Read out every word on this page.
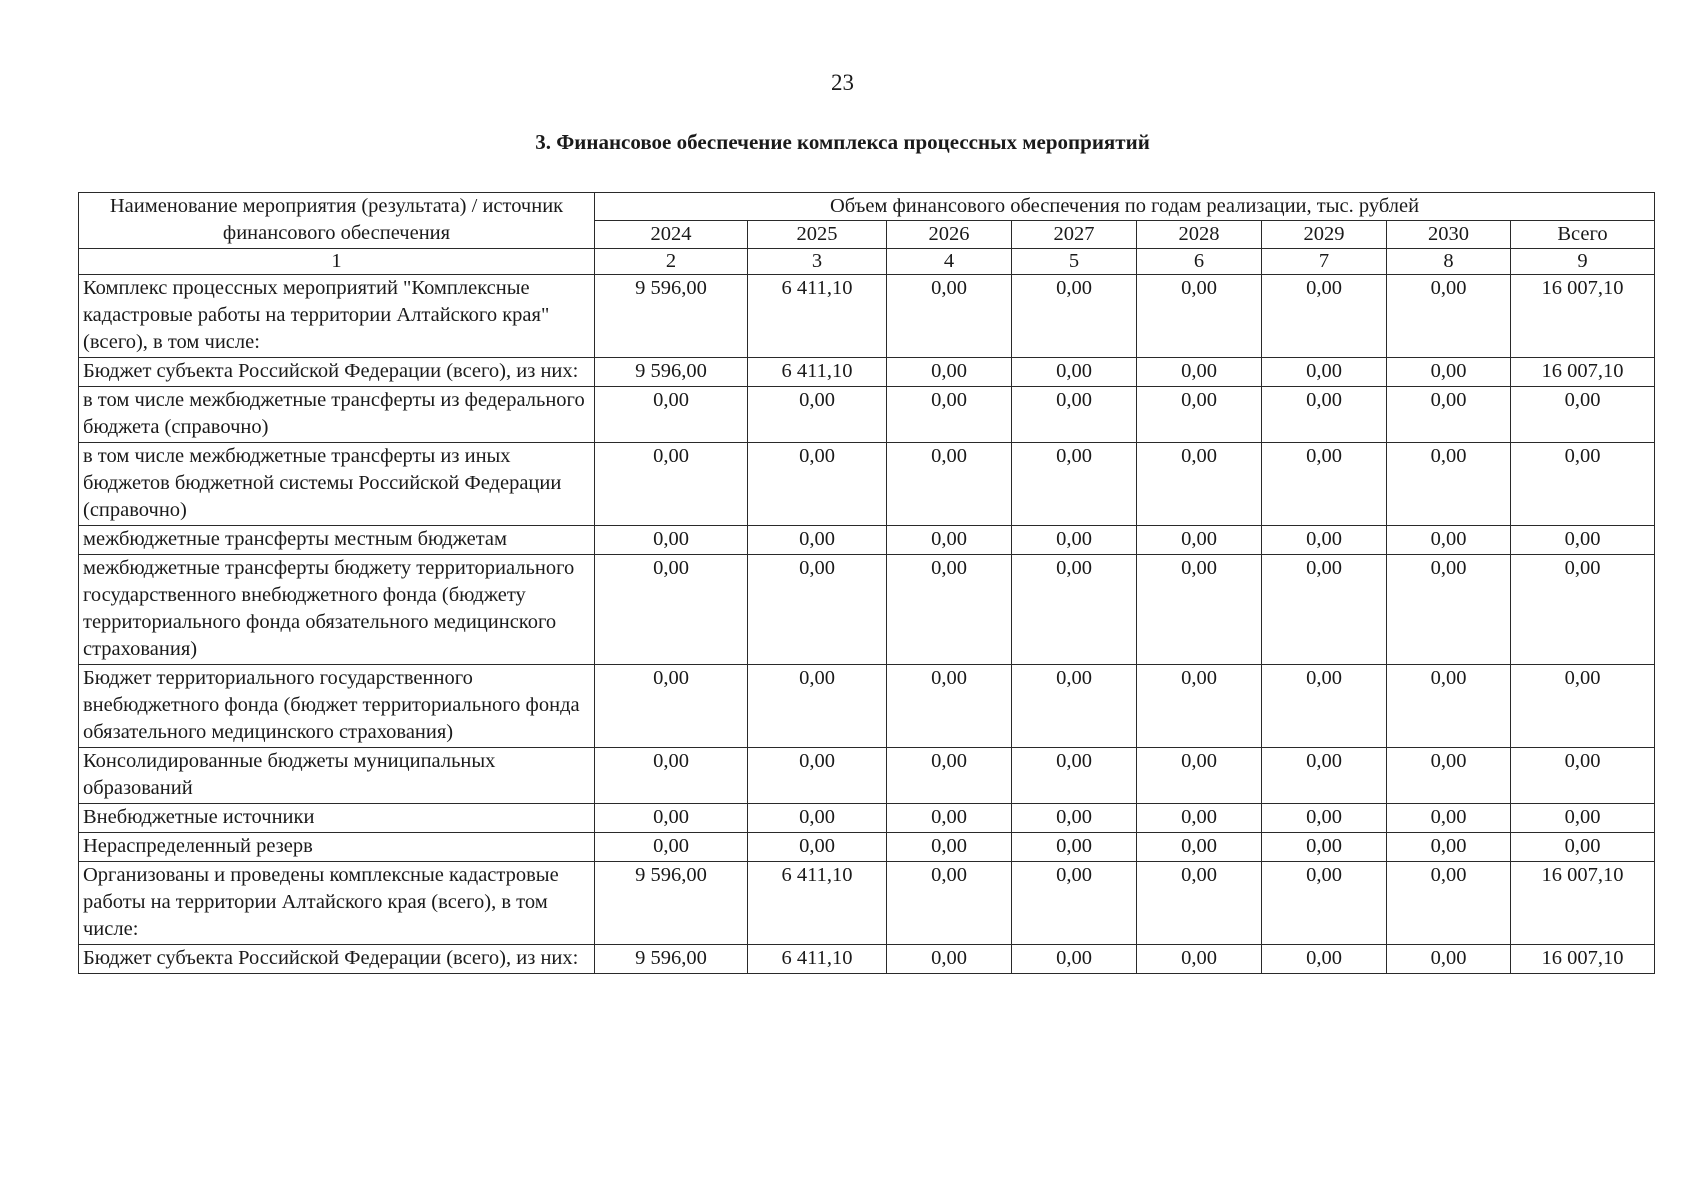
23
3. Финансовое обеспечение комплекса процессных мероприятий
Наименование мероприятия (результата) / источник финансового обеспечения	Объем финансового обеспечения по годам реализации, тыс. рублей							
	2024	2025	2026	2027	2028	2029	2030	Всего
1	2	3	4	5	6	7	8	9
Комплекс процессных мероприятий "Комплексные кадастровые работы на территории Алтайского края" (всего), в том числе:	9 596,00	6 411,10	0,00	0,00	0,00	0,00	0,00	16 007,10
Бюджет субъекта Российской Федерации (всего), из них:	9 596,00	6 411,10	0,00	0,00	0,00	0,00	0,00	16 007,10
в том числе межбюджетные трансферты из федерального бюджета (справочно)	0,00	0,00	0,00	0,00	0,00	0,00	0,00	0,00
в том числе межбюджетные трансферты из иных бюджетов бюджетной системы Российской Федерации (справочно)	0,00	0,00	0,00	0,00	0,00	0,00	0,00	0,00
межбюджетные трансферты местным бюджетам	0,00	0,00	0,00	0,00	0,00	0,00	0,00	0,00
межбюджетные трансферты бюджету территориального государственного внебюджетного фонда (бюджету территориального фонда обязательного медицинского страхования)	0,00	0,00	0,00	0,00	0,00	0,00	0,00	0,00
Бюджет территориального государственного внебюджетного фонда (бюджет территориального фонда обязательного медицинского страхования)	0,00	0,00	0,00	0,00	0,00	0,00	0,00	0,00
Консолидированные бюджеты муниципальных образований	0,00	0,00	0,00	0,00	0,00	0,00	0,00	0,00
Внебюджетные источники	0,00	0,00	0,00	0,00	0,00	0,00	0,00	0,00
Нераспределенный резерв	0,00	0,00	0,00	0,00	0,00	0,00	0,00	0,00
Организованы и проведены комплексные кадастровые работы на территории Алтайского края (всего), в том числе:	9 596,00	6 411,10	0,00	0,00	0,00	0,00	0,00	16 007,10
Бюджет субъекта Российской Федерации (всего), из них:	9 596,00	6 411,10	0,00	0,00	0,00	0,00	0,00	16 007,10
